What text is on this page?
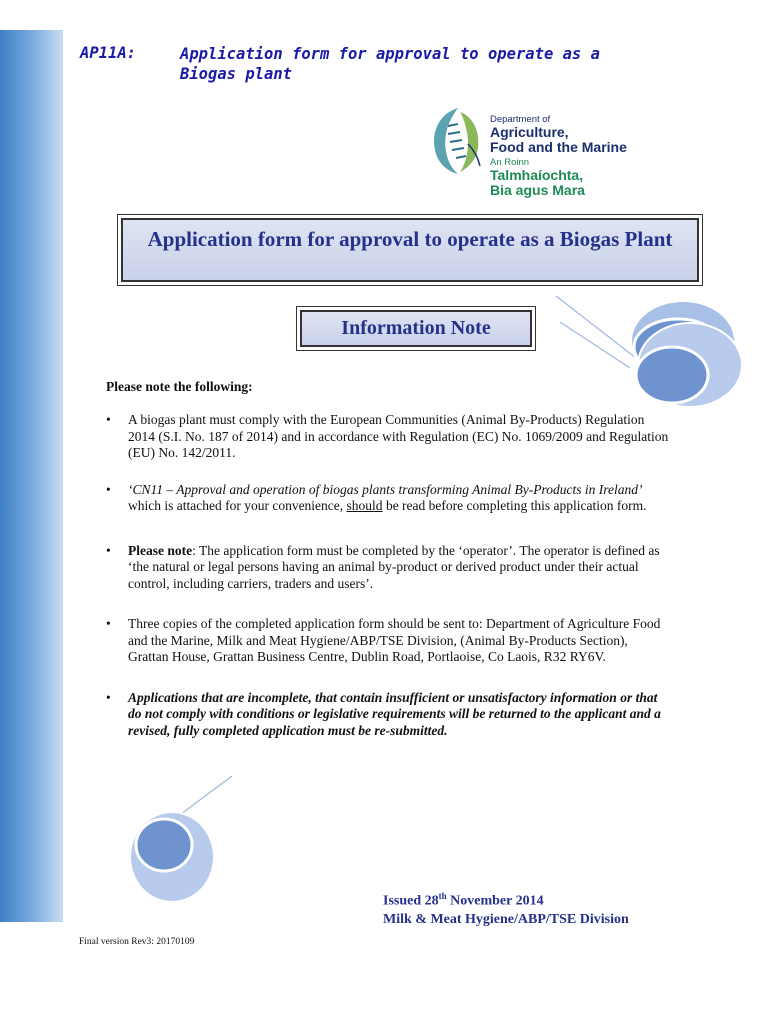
AP11A:	Application form for approval to operate as a Biogas plant
Department of
Agriculture,
Food and the Marine
An Roinn
Talmhaíochta,
Bia agus Mara
Application form for approval to operate as a Biogas Plant
Information Note
Please note the following:
• A biogas plant must comply with the European Communities (Animal By-Products) Regulation 2014 (S.I. No. 187 of 2014) and in accordance with Regulation (EC) No. 1069/2009 and Regulation (EU) No. 142/2011.
• ‘CN11 – Approval and operation of biogas plants transforming Animal By-Products in Ireland’ which is attached for your convenience, should be read before completing this application form.
• Please note: The application form must be completed by the ‘operator’. The operator is defined as ‘the natural or legal persons having an animal by-product or derived product under their actual control, including carriers, traders and users’.
• Three copies of the completed application form should be sent to: Department of Agriculture Food and the Marine, Milk and Meat Hygiene/ABP/TSE Division, (Animal By-Products Section), Grattan House, Grattan Business Centre, Dublin Road, Portlaoise, Co Laois, R32 RY6V.
• Applications that are incomplete, that contain insufficient or unsatisfactory information or that do not comply with conditions or legislative requirements will be returned to the applicant and a revised, fully completed application must be re-submitted.
Issued 28th November 2014
Milk & Meat Hygiene/ABP/TSE Division
Final version Rev3: 20170109
